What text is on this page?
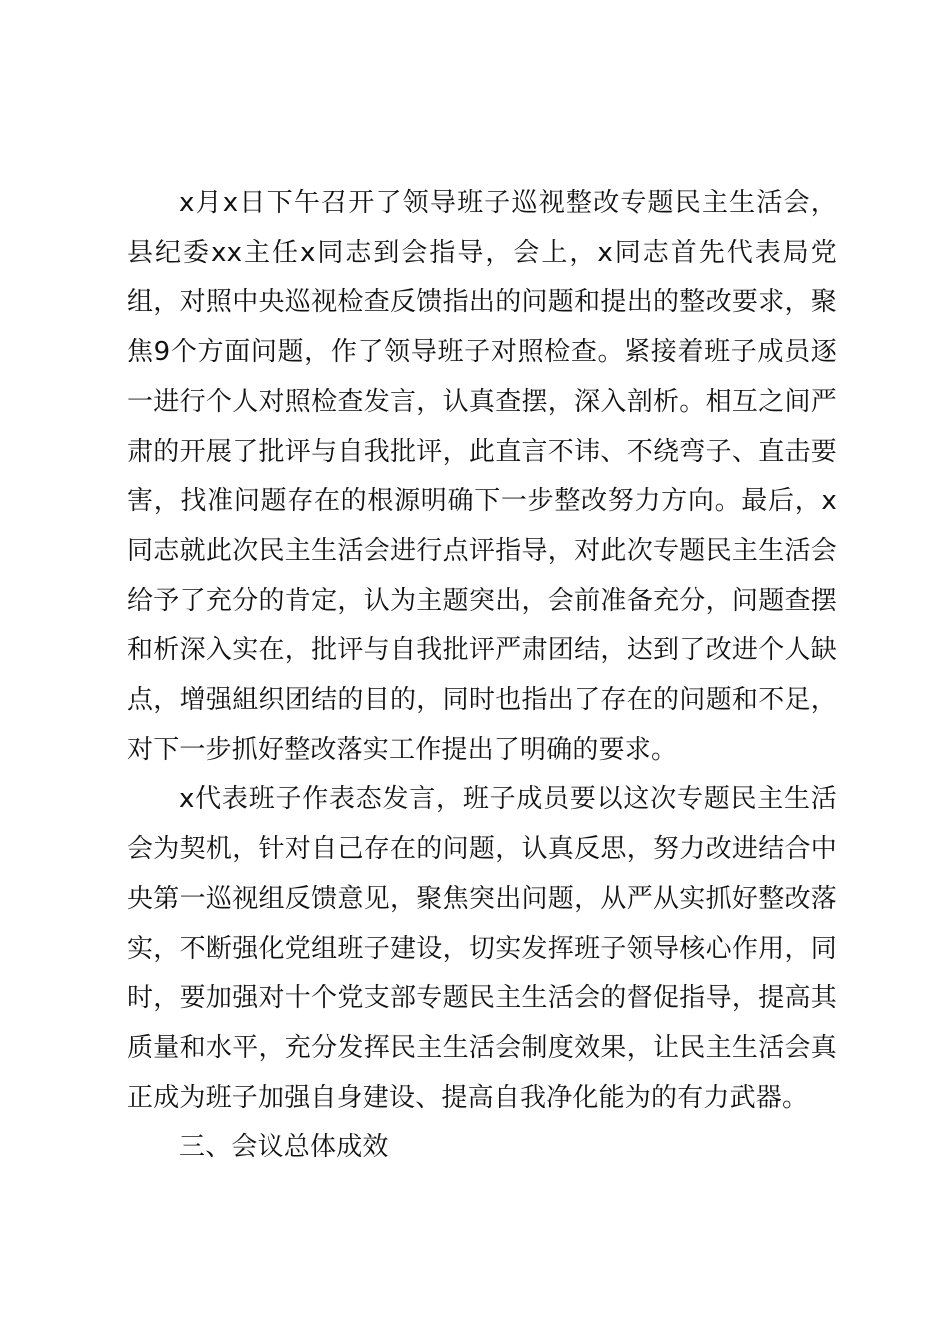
x月x日下午召开了领导班子巡视整改专题民主生活会，县纪委xx主任x同志到会指导，会上，x同志首先代表局党组，对照中央巡视检查反馈指出的问题和提出的整改要求，聚焦9个方面问题，作了领导班子对照检查。紧接着班子成员逐一进行个人对照检查发言，认真查摆，深入剖析。相互之间严肃的开展了批评与自我批评，此直言不讳、不绕弯子、直击要害，找准问题存在的根源明确下一步整改努力方向。最后，x同志就此次民主生活会进行点评指导，对此次专题民主生活会给予了充分的肯定，认为主题突出，会前准备充分，问题查摆和析深入实在，批评与自我批评严肃团结，达到了改进个人缺点，增强組织团结的目的，同时也指出了存在的问题和不足，对下一步抓好整改落实工作提出了明确的要求。

x代表班子作表态发言，班子成员要以这次专题民主生活会为契机，针对自己存在的问题，认真反思，努力改进结合中央第一巡视组反馈意见，聚焦突出问题，从严从实抓好整改落实，不断强化党组班子建设，切实发挥班子领导核心作用，同时，要加强对十个党支部专题民主生活会的督促指导，提高其质量和水平，充分发挥民主生活会制度效果，让民主生活会真正成为班子加强自身建设、提高自我净化能为的有力武器。

三、会议总体成效
